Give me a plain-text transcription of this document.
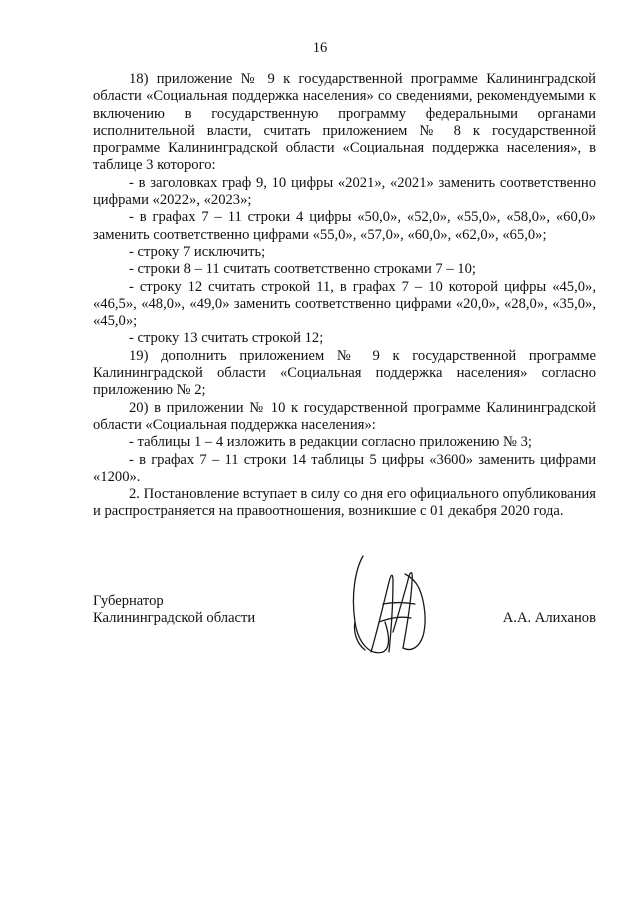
16

18) приложение № 9 к государственной программе Калининградской области «Социальная поддержка населения» со сведениями, рекомендуемыми к включению в государственную программу федеральными органами исполнительной власти, считать приложением № 8 к государственной программе Калининградской области «Социальная поддержка населения», в таблице 3 которого:

- в заголовках граф 9, 10 цифры «2021», «2021» заменить соответственно цифрами «2022», «2023»;

- в графах 7 – 11 строки 4 цифры «50,0», «52,0», «55,0», «58,0», «60,0» заменить соответственно цифрами «55,0», «57,0», «60,0», «62,0», «65,0»;

- строку 7 исключить;

- строки 8 – 11 считать соответственно строками 7 – 10;

- строку 12 считать строкой 11, в графах 7 – 10 которой цифры «45,0», «46,5», «48,0», «49,0» заменить соответственно цифрами «20,0», «28,0», «35,0», «45,0»;

- строку 13 считать строкой 12;

19) дополнить приложением № 9 к государственной программе Калининградской области «Социальная поддержка населения» согласно приложению № 2;

20) в приложении № 10 к государственной программе Калининградской области «Социальная поддержка населения»:

- таблицы 1 – 4 изложить в редакции согласно приложению № 3;

- в графах 7 – 11 строки 14 таблицы 5 цифры «3600» заменить цифрами «1200».

2. Постановление вступает в силу со дня его официального опубликования и распространяется на правоотношения, возникшие с 01 декабря 2020 года.

Губернатор
Калининградской области	А.А. Алиханов
